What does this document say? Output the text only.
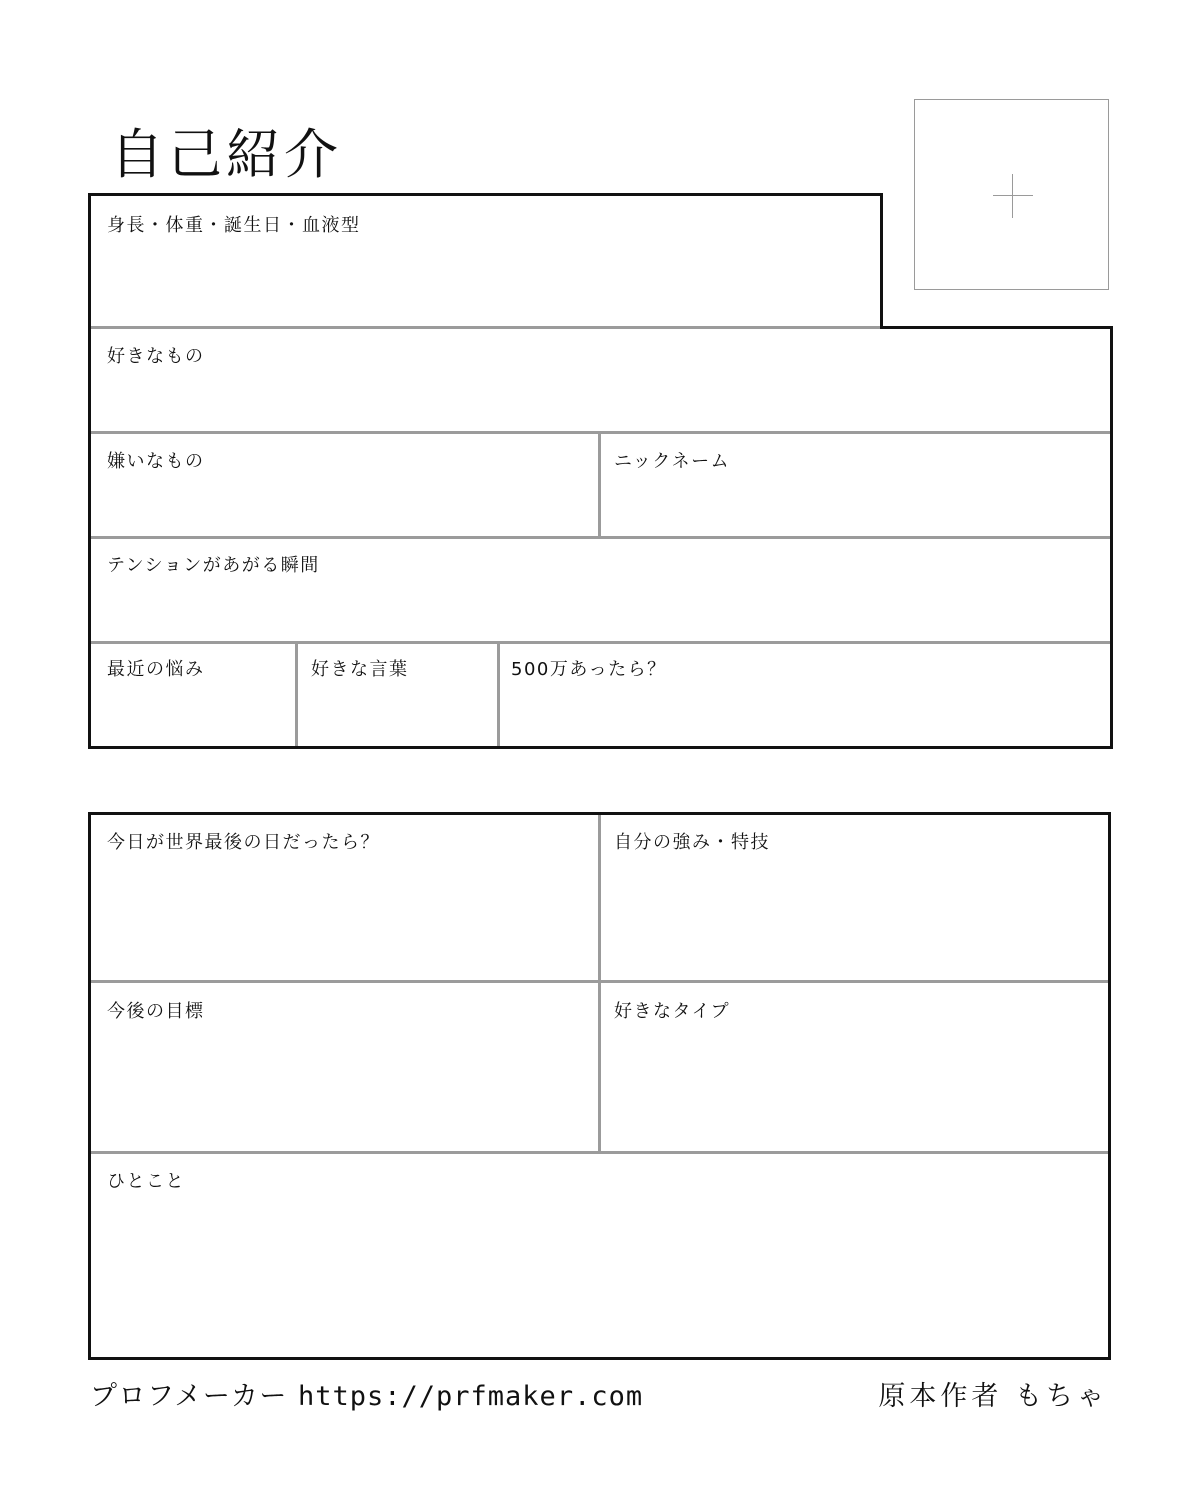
自己紹介
身長・体重・誕生日・血液型
好きなもの
嫌いなもの	ニックネーム
テンションがあがる瞬間
最近の悩み	好きな言葉	500万あったら？
今日が世界最後の日だったら？	自分の強み・特技
今後の目標	好きなタイプ
ひとこと
プロフメーカー https://prfmaker.com	原本作者 もちゃ
